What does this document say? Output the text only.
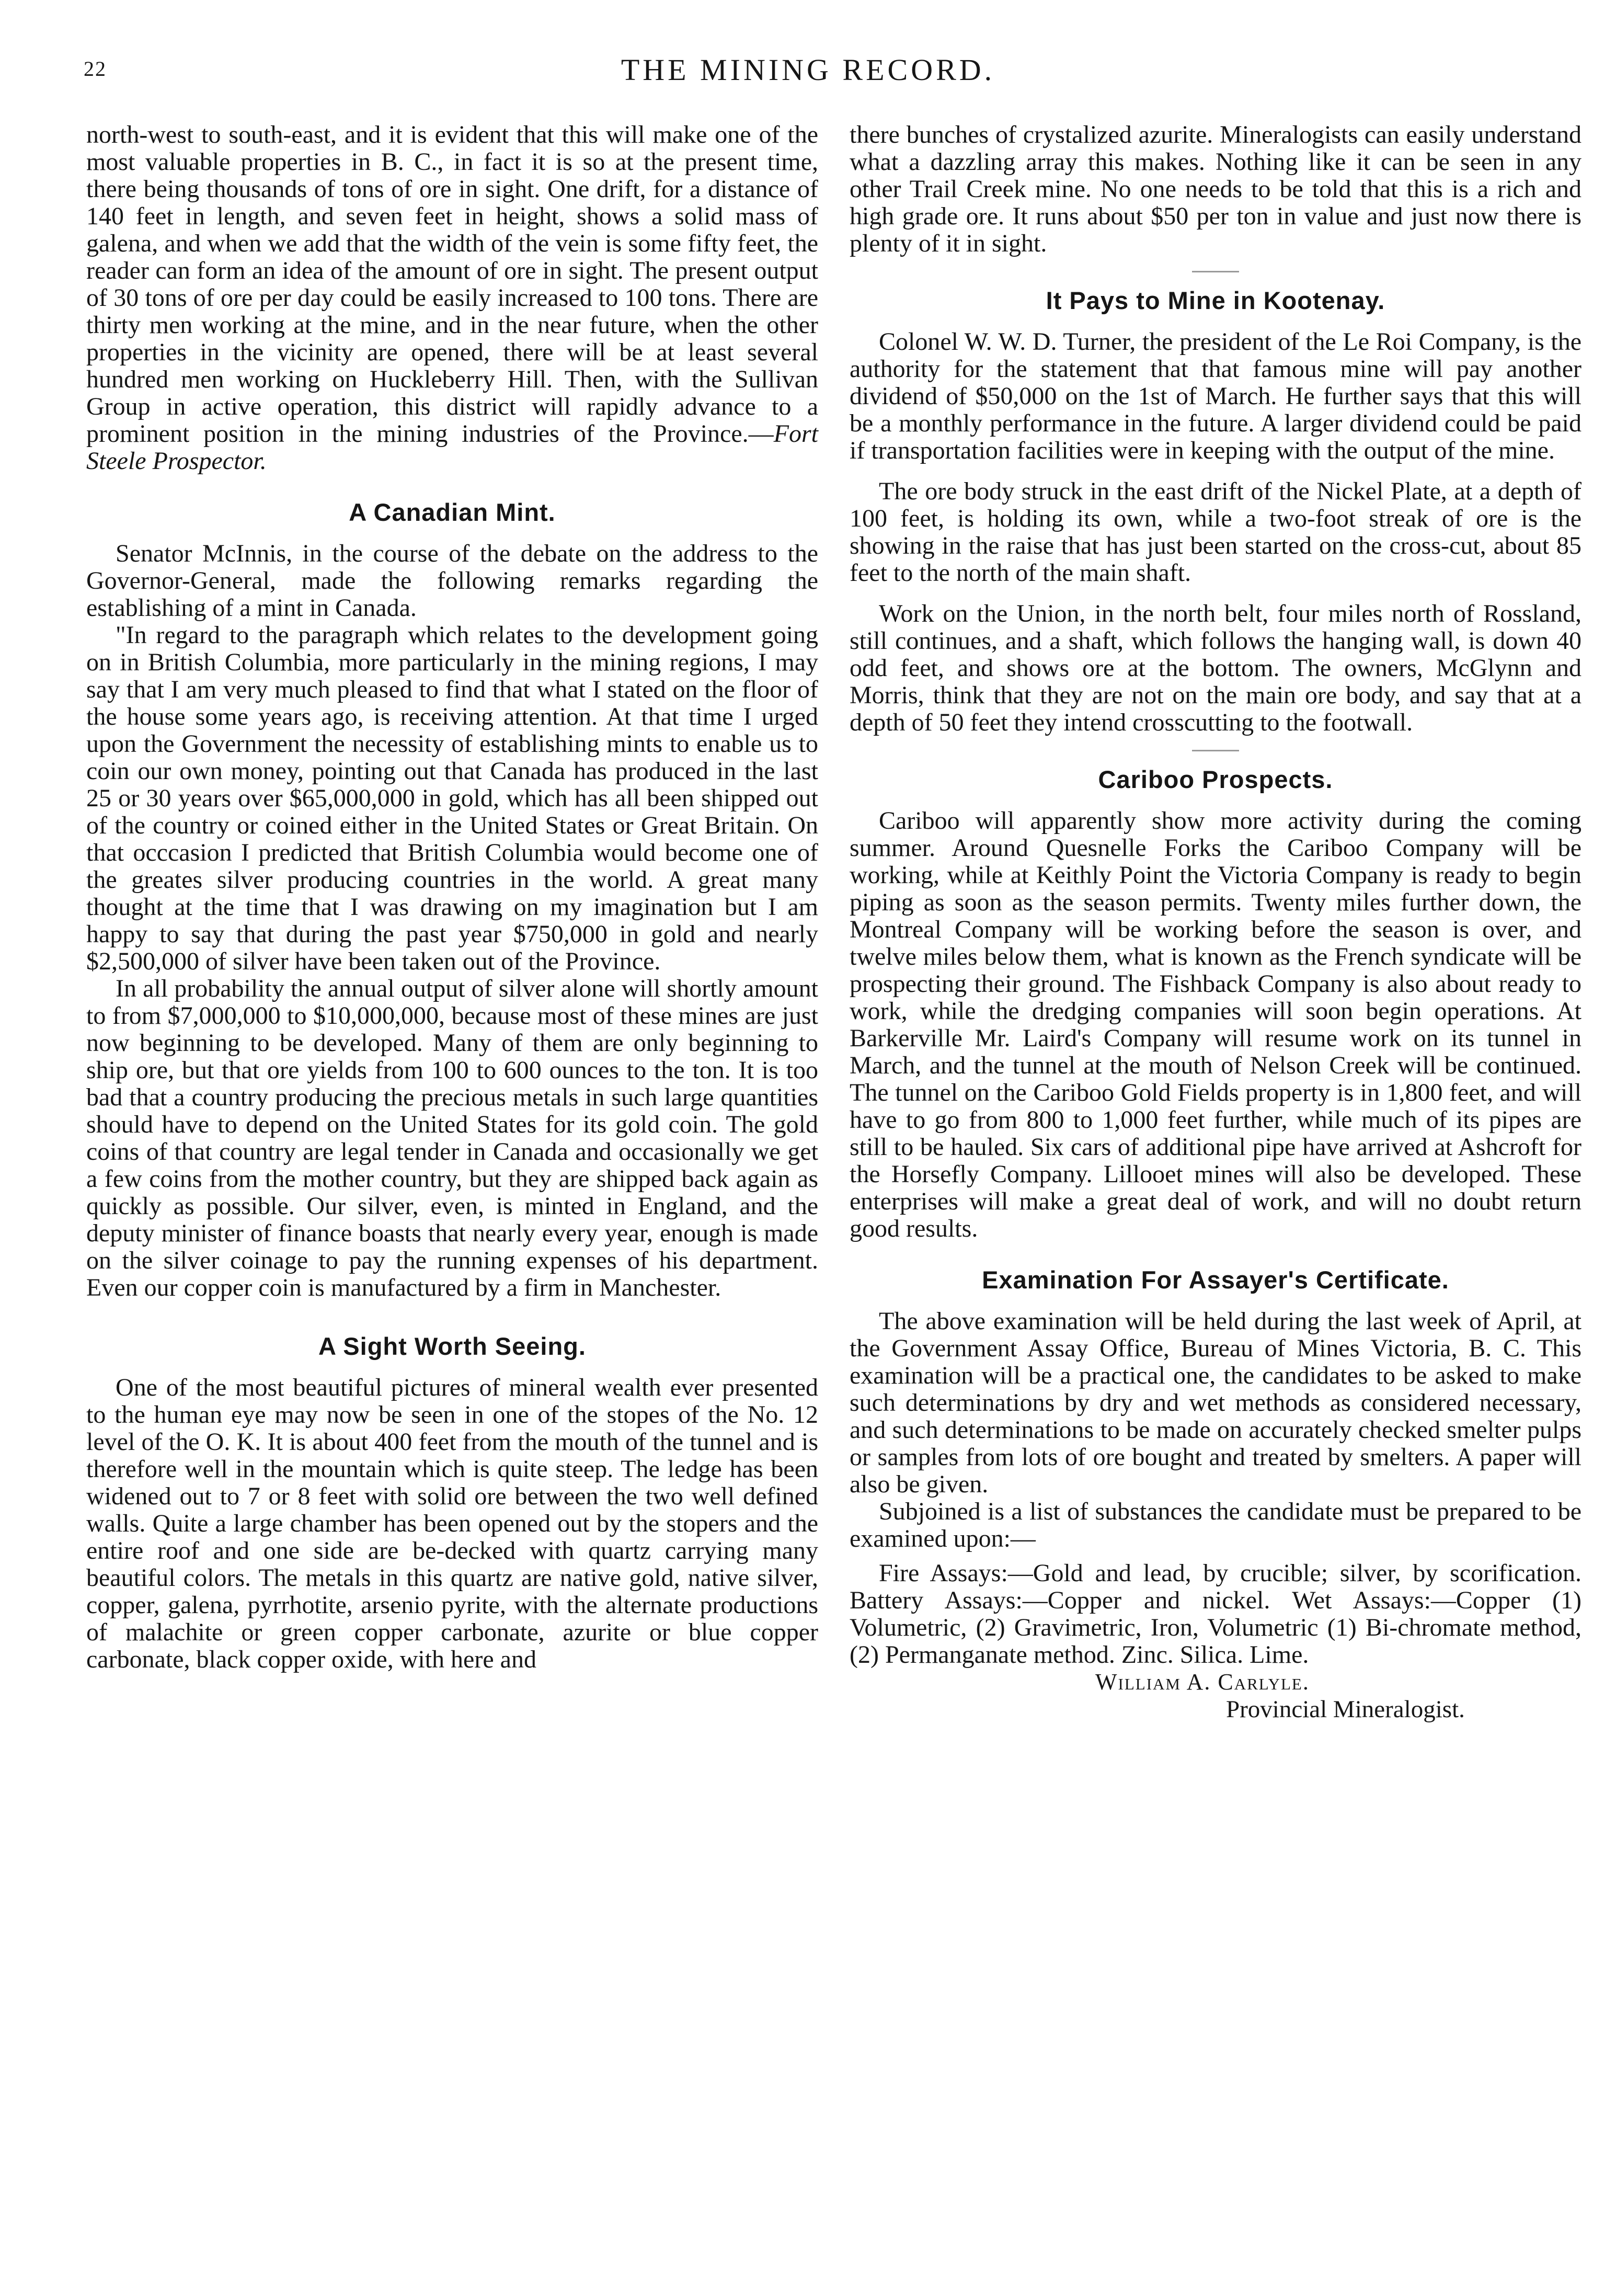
22	THE MINING RECORD.

north-west to south-east, and it is evident that this will make one of the most valuable properties in B. C., in fact it is so at the present time, there being thousands of tons of ore in sight. One drift, for a distance of 140 feet in length, and seven feet in height, shows a solid mass of galena, and when we add that the width of the vein is some fifty feet, the reader can form an idea of the amount of ore in sight. The present output of 30 tons of ore per day could be easily increased to 100 tons. There are thirty men working at the mine, and in the near future, when the other properties in the vicinity are opened, there will be at least several hundred men working on Huckleberry Hill. Then, with the Sullivan Group in active operation, this district will rapidly advance to a prominent position in the mining industries of the Province.—Fort Steele Prospector.

A Canadian Mint.

Senator McInnis, in the course of the debate on the address to the Governor-General, made the following remarks regarding the establishing of a mint in Canada.

"In regard to the paragraph which relates to the development going on in British Columbia, more particularly in the mining regions, I may say that I am very much pleased to find that what I stated on the floor of the house some years ago, is receiving attention. At that time I urged upon the Government the necessity of establishing mints to enable us to coin our own money, pointing out that Canada has produced in the last 25 or 30 years over $65,000,000 in gold, which has all been shipped out of the country or coined either in the United States or Great Britain. On that occcasion I predicted that British Columbia would become one of the greates silver producing countries in the world. A great many thought at the time that I was drawing on my imagination but I am happy to say that during the past year $750,000 in gold and nearly $2,500,000 of silver have been taken out of the Province.

In all probability the annual output of silver alone will shortly amount to from $7,000,000 to $10,000,000, because most of these mines are just now beginning to be developed. Many of them are only beginning to ship ore, but that ore yields from 100 to 600 ounces to the ton. It is too bad that a country producing the precious metals in such large quantities should have to depend on the United States for its gold coin. The gold coins of that country are legal tender in Canada and occasionally we get a few coins from the mother country, but they are shipped back again as quickly as possible. Our silver, even, is minted in England, and the deputy minister of finance boasts that nearly every year, enough is made on the silver coinage to pay the running expenses of his department. Even our copper coin is manufactured by a firm in Manchester.

A Sight Worth Seeing.

One of the most beautiful pictures of mineral wealth ever presented to the human eye may now be seen in one of the stopes of the No. 12 level of the O. K. It is about 400 feet from the mouth of the tunnel and is therefore well in the mountain which is quite steep. The ledge has been widened out to 7 or 8 feet with solid ore between the two well defined walls. Quite a large chamber has been opened out by the stopers and the entire roof and one side are be-decked with quartz carrying many beautiful colors. The metals in this quartz are native gold, native silver, copper, galena, pyrrhotite, arsenio pyrite, with the alternate productions of malachite or green copper carbonate, azurite or blue copper carbonate, black copper oxide, with here and

there bunches of crystalized azurite. Mineralogists can easily understand what a dazzling array this makes. Nothing like it can be seen in any other Trail Creek mine. No one needs to be told that this is a rich and high grade ore. It runs about $50 per ton in value and just now there is plenty of it in sight.

It Pays to Mine in Kootenay.

Colonel W. W. D. Turner, the president of the Le Roi Company, is the authority for the statement that that famous mine will pay another dividend of $50,000 on the 1st of March. He further says that this will be a monthly performance in the future. A larger dividend could be paid if transportation facilities were in keeping with the output of the mine.

The ore body struck in the east drift of the Nickel Plate, at a depth of 100 feet, is holding its own, while a two-foot streak of ore is the showing in the raise that has just been started on the cross-cut, about 85 feet to the north of the main shaft.

Work on the Union, in the north belt, four miles north of Rossland, still continues, and a shaft, which follows the hanging wall, is down 40 odd feet, and shows ore at the bottom. The owners, McGlynn and Morris, think that they are not on the main ore body, and say that at a depth of 50 feet they intend crosscutting to the footwall.

Cariboo Prospects.

Cariboo will apparently show more activity during the coming summer. Around Quesnelle Forks the Cariboo Company will be working, while at Keithly Point the Victoria Company is ready to begin piping as soon as the season permits. Twenty miles further down, the Montreal Company will be working before the season is over, and twelve miles below them, what is known as the French syndicate will be prospecting their ground. The Fishback Company is also about ready to work, while the dredging companies will soon begin operations. At Barkerville Mr. Laird's Company will resume work on its tunnel in March, and the tunnel at the mouth of Nelson Creek will be continued. The tunnel on the Cariboo Gold Fields property is in 1,800 feet, and will have to go from 800 to 1,000 feet further, while much of its pipes are still to be hauled. Six cars of additional pipe have arrived at Ashcroft for the Horsefly Company. Lillooet mines will also be developed. These enterprises will make a great deal of work, and will no doubt return good results.

Examination For Assayer's Certificate.

The above examination will be held during the last week of April, at the Government Assay Office, Bureau of Mines Victoria, B. C. This examination will be a practical one, the candidates to be asked to make such determinations by dry and wet methods as considered necessary, and such determinations to be made on accurately checked smelter pulps or samples from lots of ore bought and treated by smelters. A paper will also be given.

Subjoined is a list of substances the candidate must be prepared to be examined upon:—

Fire Assays:—Gold and lead, by crucible; silver, by scorification. Battery Assays:—Copper and nickel. Wet Assays:—Copper (1) Volumetric, (2) Gravimetric, Iron, Volumetric (1) Bi-chromate method, (2) Permanganate method. Zinc. Silica. Lime.

William A. Carlyle.

Provincial Mineralogist.
